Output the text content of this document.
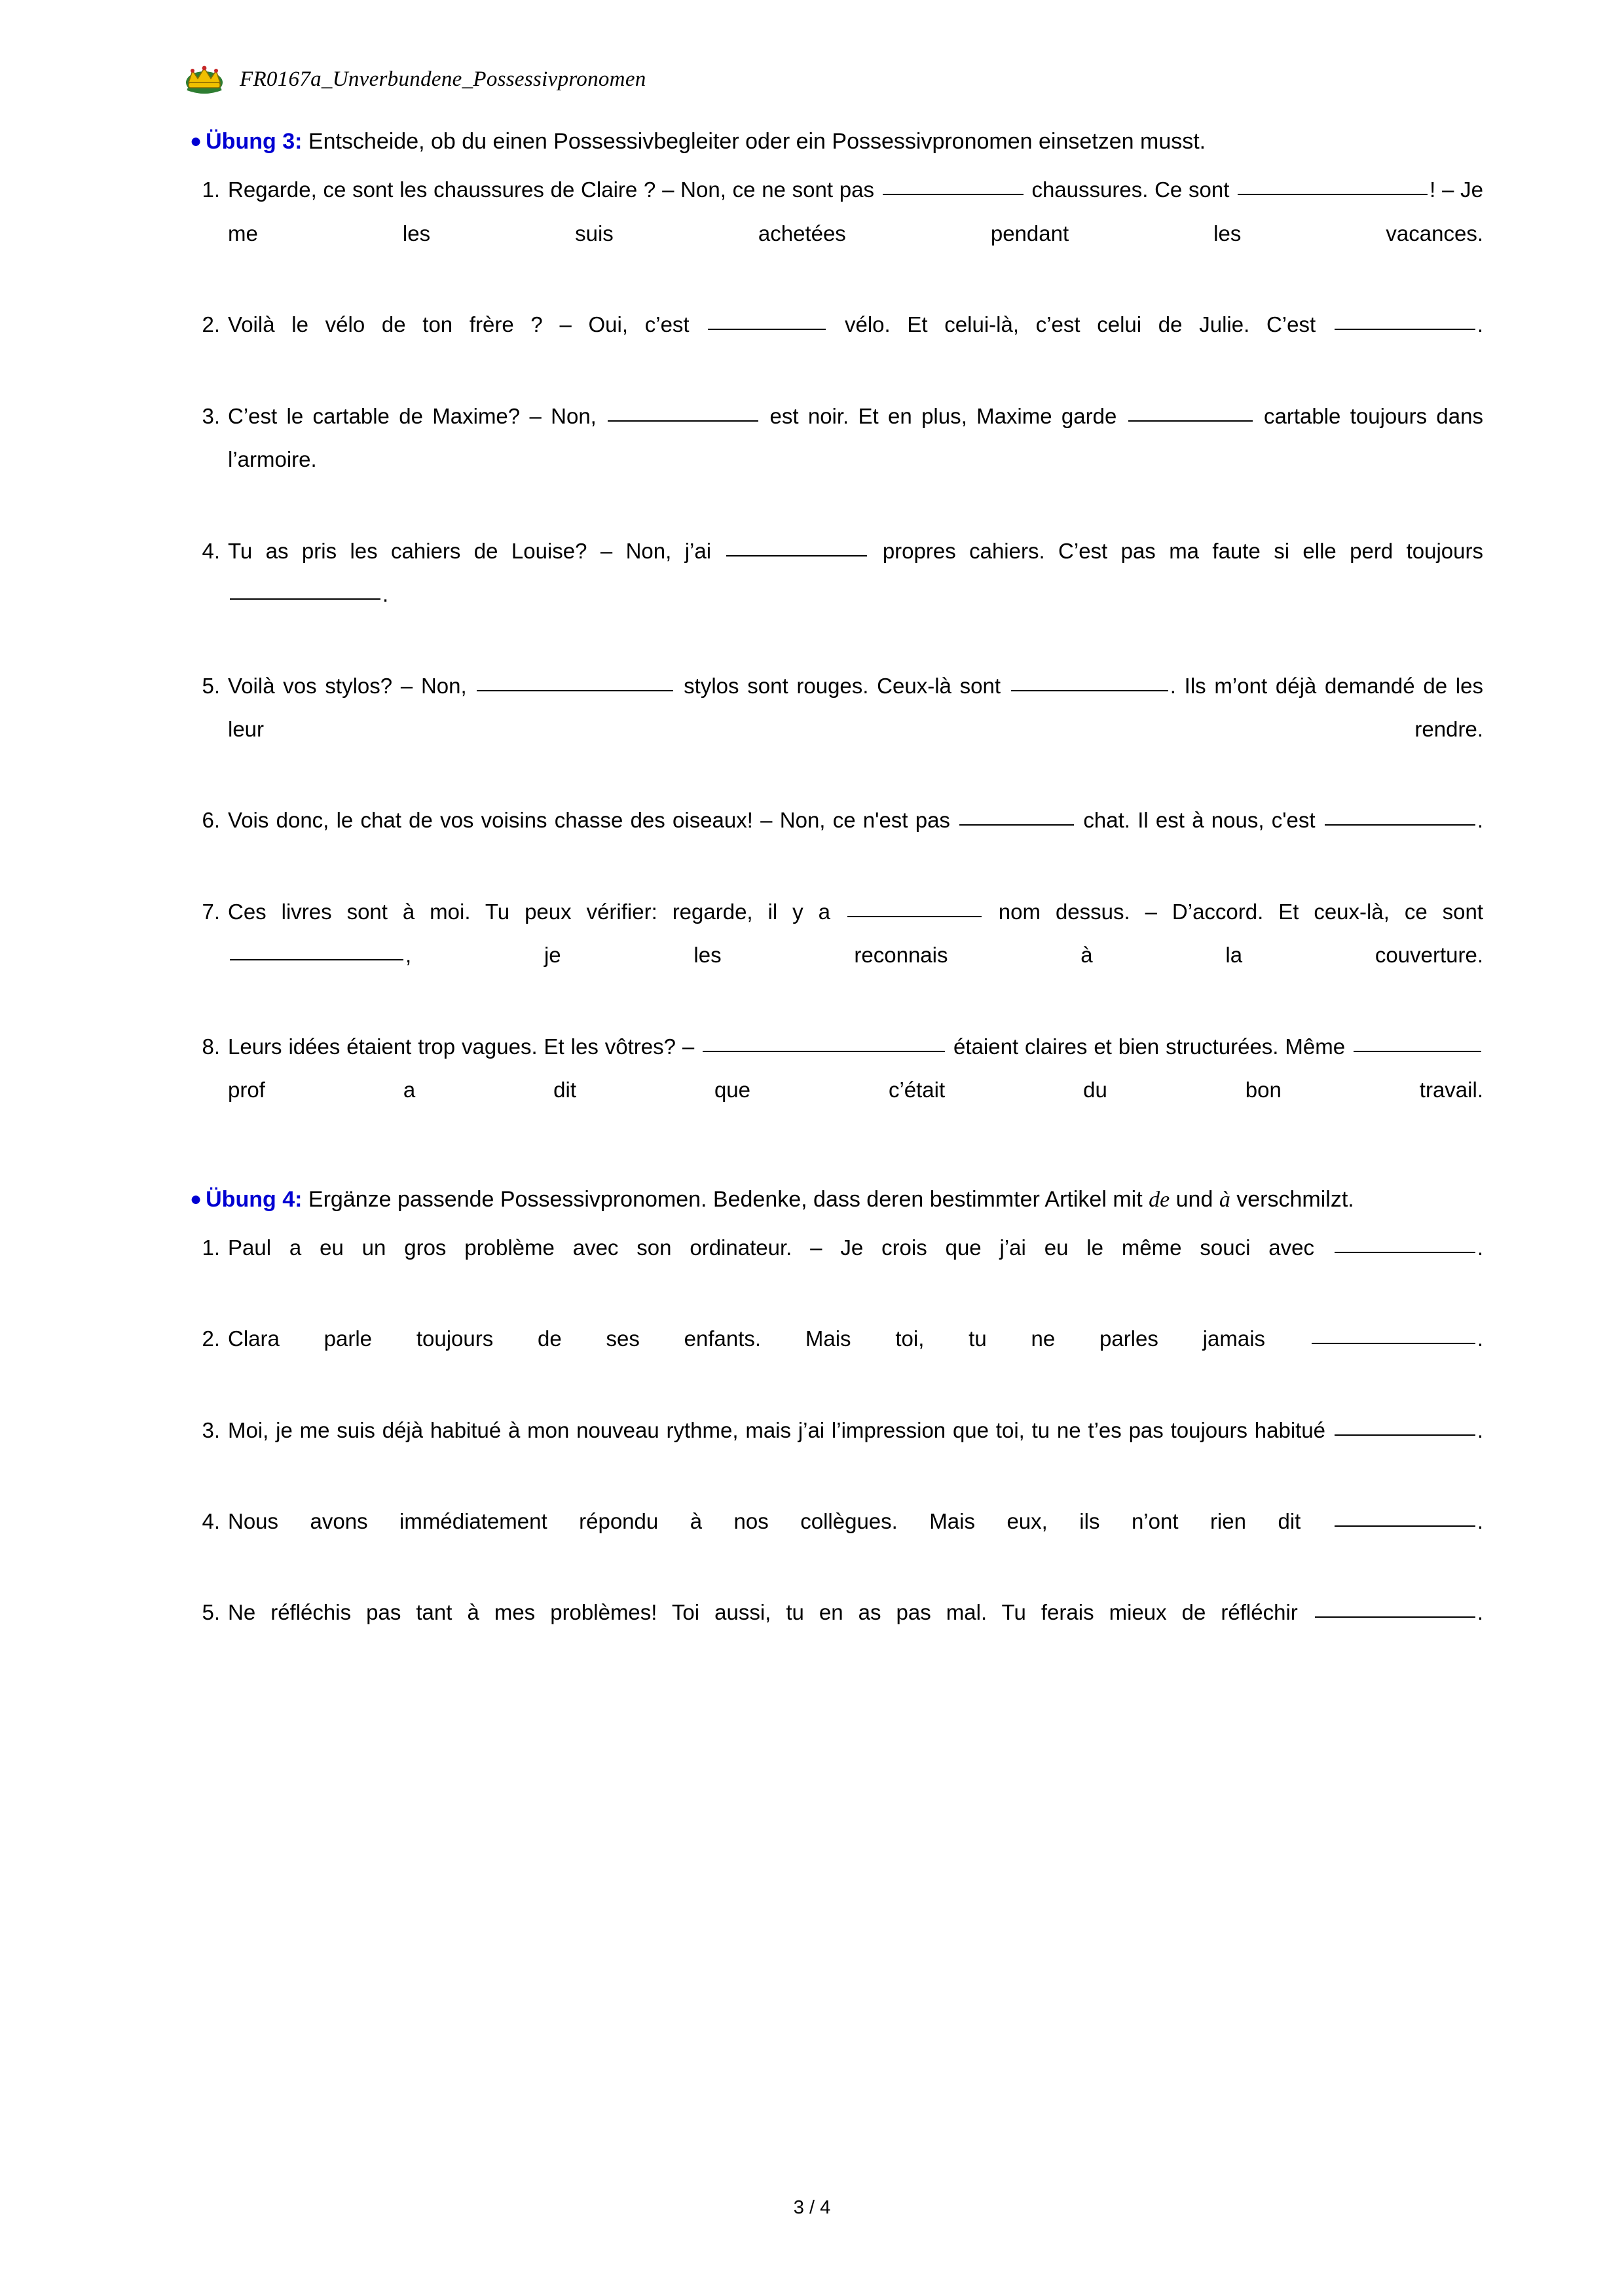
FR0167a_Unverbundene_Possessivpronomen
● Übung 3: Entscheide, ob du einen Possessivbegleiter oder ein Possessivpronomen einsetzen musst.
1. Regarde, ce sont les chaussures de Claire ? – Non, ce ne sont pas	chaussures. Ce sont	! – Je me les suis achetées pendant les vacances.
2. Voilà le vélo de ton frère ? – Oui, c’est	vélo. Et celui-là, c’est celui de Julie. C’est	.
3. C’est le cartable de Maxime? – Non,	est noir. Et en plus, Maxime garde	cartable toujours dans l’armoire.
4. Tu as pris les cahiers de Louise? – Non, j’ai	propres cahiers. C’est pas ma faute si elle perd toujours .
5. Voilà vos stylos? – Non,	stylos sont rouges. Ceux-là sont	. Ils m’ont déjà demandé de les leur rendre.
6. Vois donc, le chat de vos voisins chasse des oiseaux! – Non, ce n'est pas	chat. Il est à nous, c'est	.
7. Ces livres sont à moi. Tu peux vérifier: regarde, il y a	nom dessus. – D’accord. Et ceux-là, ce sont , je les reconnais à la couverture.
8. Leurs idées étaient trop vagues. Et les vôtres? –	étaient claires et bien structurées. Même  prof a dit que c’était du bon travail.
● Übung 4: Ergänze passende Possessivpronomen. Bedenke, dass deren bestimmter Artikel mit de und à verschmilzt.
1. Paul a eu un gros problème avec son ordinateur. – Je crois que j’ai eu le même souci avec	.
2. Clara parle toujours de ses enfants. Mais toi, tu ne parles jamais	.
3. Moi, je me suis déjà habitué à mon nouveau rythme, mais j’ai l’impression que toi, tu ne t’es pas toujours habitué	.
4. Nous avons immédiatement répondu à nos collègues. Mais eux, ils n’ont rien dit	.
5. Ne réfléchis pas tant à mes problèmes! Toi aussi, tu en as pas mal. Tu ferais mieux de réfléchir	.
3 / 4
